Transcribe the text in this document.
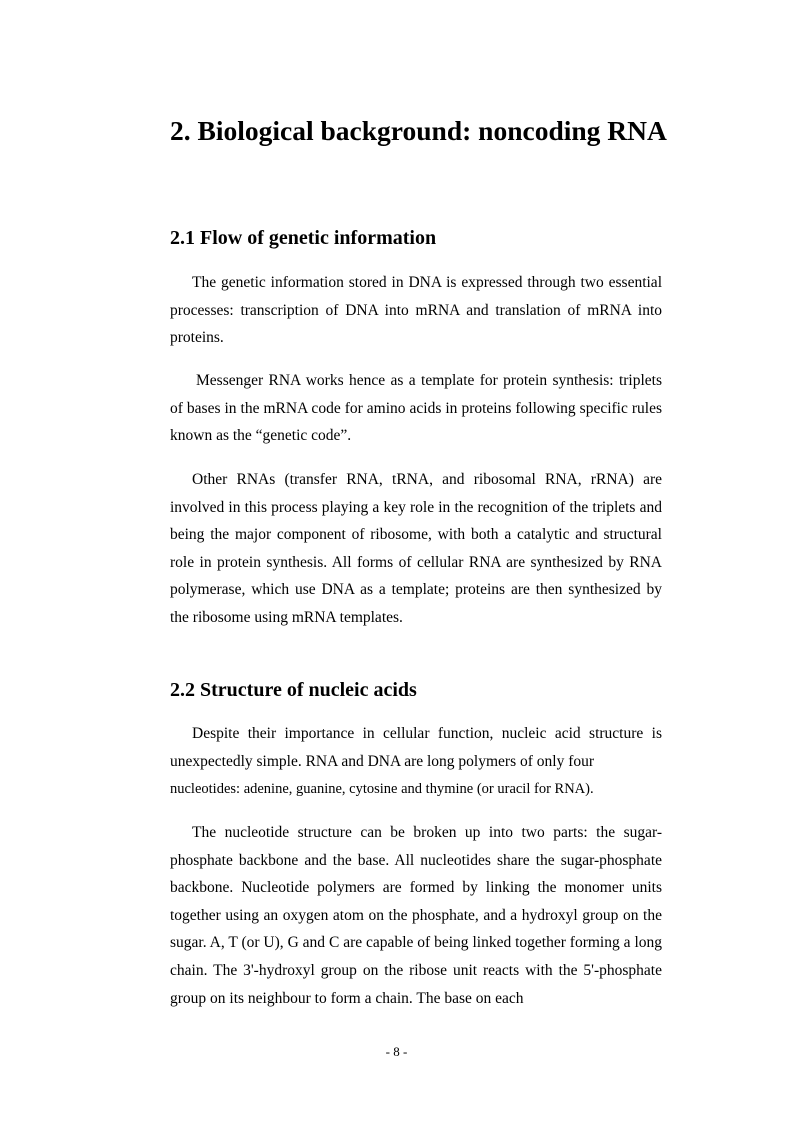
2. Biological background: noncoding RNA
2.1 Flow of genetic information

The genetic information stored in DNA is expressed through two essential processes: transcription of DNA into mRNA and translation of mRNA into proteins.

Messenger RNA works hence as a template for protein synthesis: triplets of bases in the mRNA code for amino acids in proteins following specific rules known as the “genetic code”.

Other RNAs (transfer RNA, tRNA, and ribosomal RNA, rRNA) are involved in this process playing a key role in the recognition of the triplets and being the major component of ribosome, with both a catalytic and structural role in protein synthesis. All forms of cellular RNA are synthesized by RNA polymerase, which use DNA as a template; proteins are then synthesized by the ribosome using mRNA templates.

2.2 Structure of nucleic acids

Despite their importance in cellular function, nucleic acid structure is unexpectedly simple. RNA and DNA are long polymers of only four

nucleotides: adenine, guanine, cytosine and thymine (or uracil for RNA).

The nucleotide structure can be broken up into two parts: the sugar-phosphate backbone and the base. All nucleotides share the sugar-phosphate backbone. Nucleotide polymers are formed by linking the monomer units together using an oxygen atom on the phosphate, and a hydroxyl group on the sugar. A, T (or U), G and C are capable of being linked together forming a long chain. The 3'-hydroxyl group on the ribose unit reacts with the 5'-phosphate group on its neighbour to form a chain. The base on each

- 8 -
